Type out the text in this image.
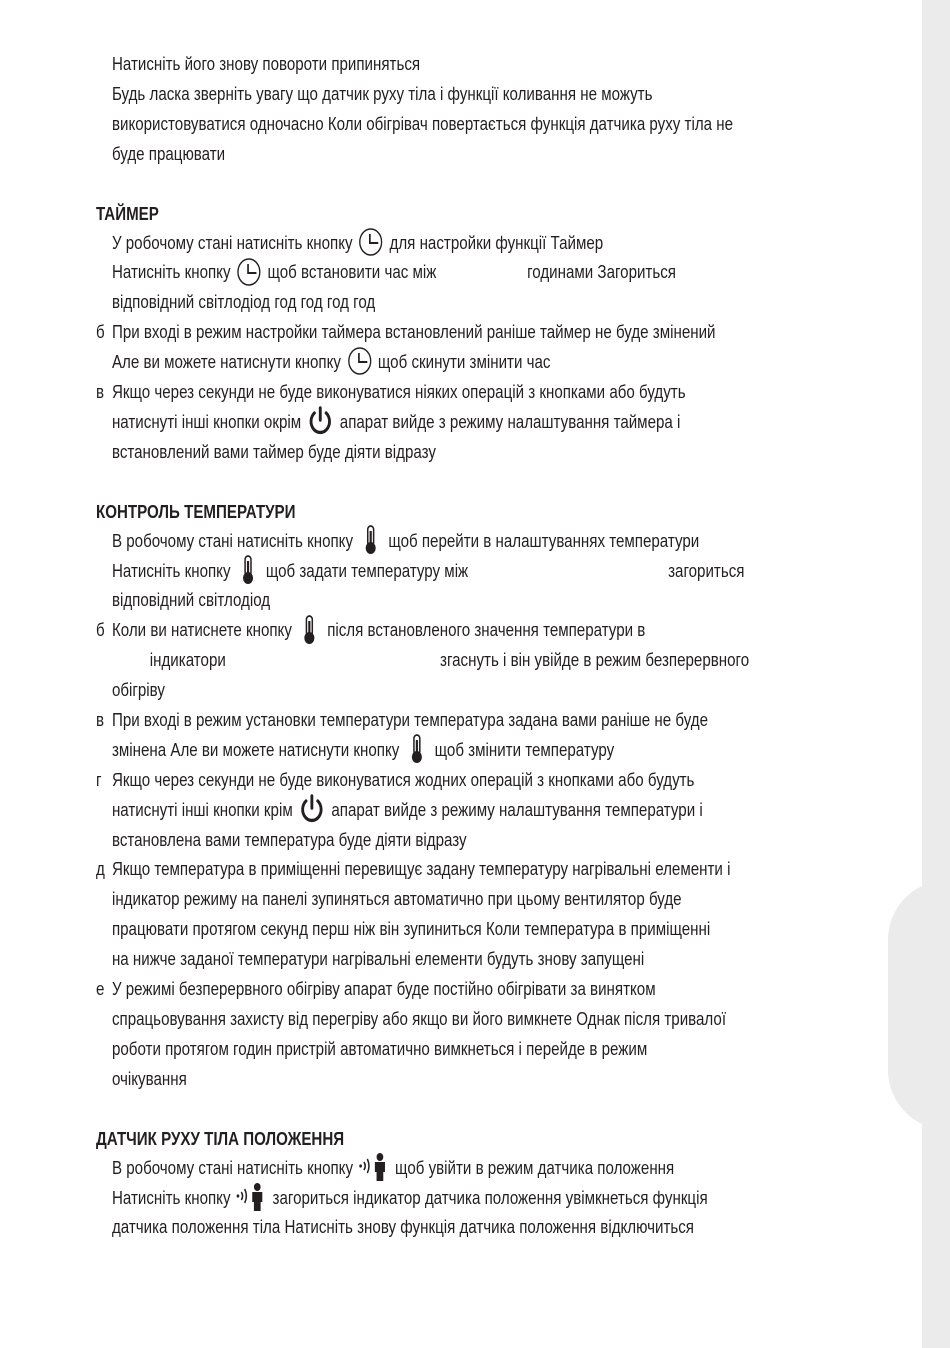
Натисніть його знову повороти припиняться
Будь ласка зверніть увагу що датчик руху тіла і функції коливання не можуть
використовуватися одночасно Коли обігрівач повертається функція датчика руху тіла не
буде працювати
ТАЙМЕР
У робочому стані натисніть кнопку для настройки функції Таймер
Натисніть кнопку щоб встановити час між	годинами Загориться
відповідний світлодіод год год год год
б При вході в режим настройки таймера встановлений раніше таймер не буде змінений
Але ви можете натиснути кнопку щоб скинути змінити час
в Якщо через секунди не буде виконуватися ніяких операцій з кнопками або будуть
натиснуті інші кнопки окрім апарат вийде з режиму налаштування таймера і
встановлений вами таймер буде діяти відразу
КОНТРОЛЬ ТЕМПЕРАТУРИ
В робочому стані натисніть кнопку щоб перейти в налаштуваннях температури
Натисніть кнопку щоб задати температуру між	загориться
відповідний світлодіод
б Коли ви натиснете кнопку після встановленого значення температури в
індикатори	згаснуть і він увійде в режим безперервного
обігріву
в При вході в режим установки температури температура задана вами раніше не буде
змінена Але ви можете натиснути кнопку щоб змінити температуру
г Якщо через секунди не буде виконуватися жодних операцій з кнопками або будуть
натиснуті інші кнопки крім апарат вийде з режиму налаштування температури і
встановлена вами температура буде діяти відразу
д Якщо температура в приміщенні перевищує задану температуру нагрівальні елементи і
індикатор режиму на панелі зупиняться автоматично при цьому вентилятор буде
працювати протягом секунд перш ніж він зупиниться Коли температура в приміщенні
на нижче заданої температури нагрівальні елементи будуть знову запущені
е У режимі безперервного обігріву апарат буде постійно обігрівати за винятком
спрацьовування захисту від перегріву або якщо ви його вимкнете Однак після тривалої
роботи протягом годин пристрій автоматично вимкнеться і перейде в режим
очікування
ДАТЧИК РУХУ ТІЛА ПОЛОЖЕННЯ
В робочому стані натисніть кнопку щоб увійти в режим датчика положення
Натисніть кнопку загориться індикатор датчика положення увімкнеться функція
датчика положення тіла Натисніть знову функція датчика положення відключиться
